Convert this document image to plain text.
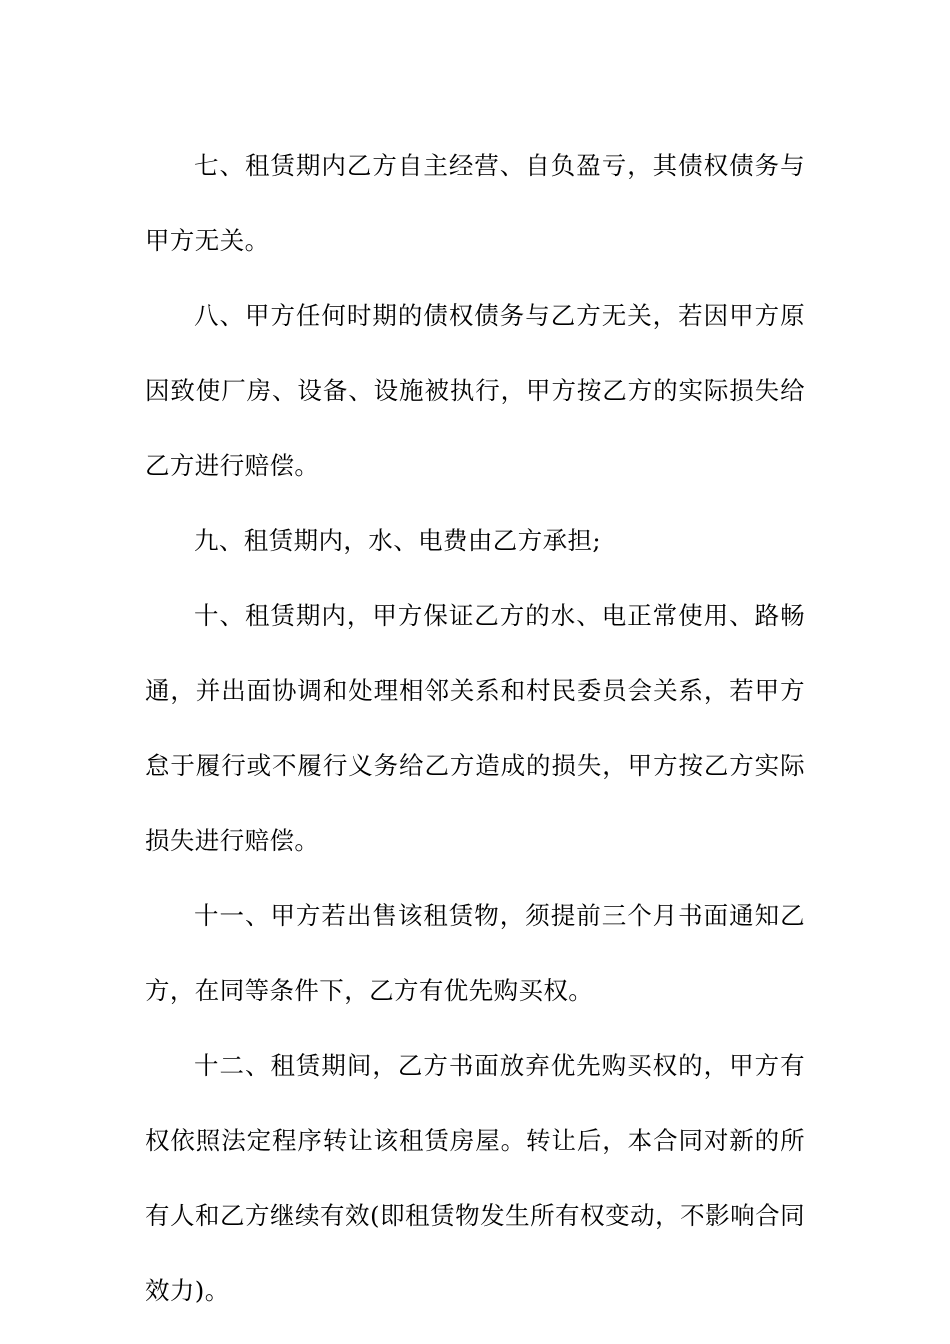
七、租赁期内乙方自主经营、自负盈亏，其债权债务与甲方无关。

八、甲方任何时期的债权债务与乙方无关，若因甲方原因致使厂房、设备、设施被执行，甲方按乙方的实际损失给乙方进行赔偿。

九、租赁期内，水、电费由乙方承担;

十、租赁期内，甲方保证乙方的水、电正常使用、路畅通，并出面协调和处理相邻关系和村民委员会关系，若甲方怠于履行或不履行义务给乙方造成的损失，甲方按乙方实际损失进行赔偿。

十一、甲方若出售该租赁物，须提前三个月书面通知乙方，在同等条件下，乙方有优先购买权。

十二、租赁期间，乙方书面放弃优先购买权的，甲方有权依照法定程序转让该租赁房屋。转让后，本合同对新的所有人和乙方继续有效(即租赁物发生所有权变动，不影响合同效力)。
